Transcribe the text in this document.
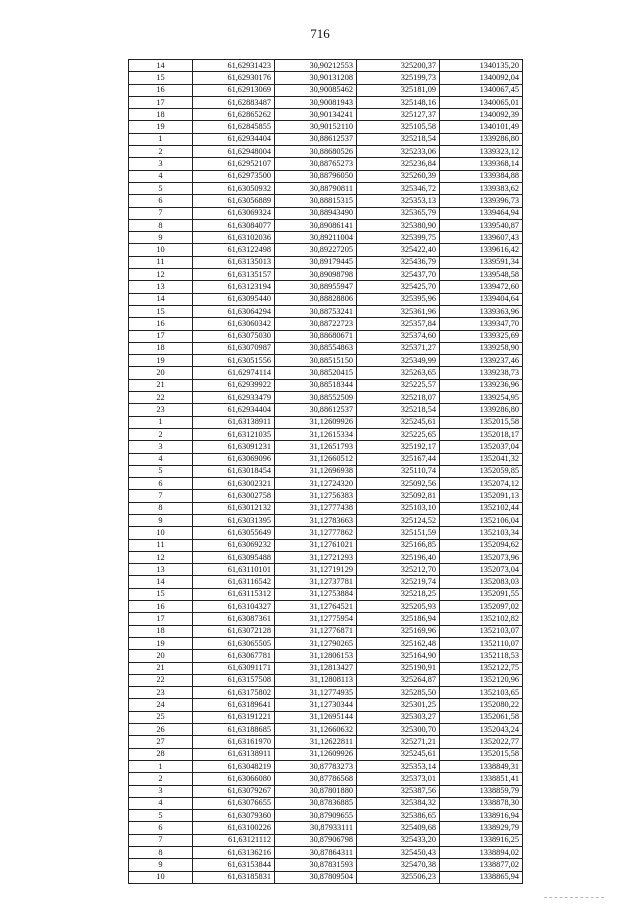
716
14	61,62931423	30,90212553	325200,37	1340135,20
15	61,62930176	30,90131208	325199,73	1340092,04
16	61,62913069	30,90085462	325181,09	1340067,45
17	61,62883487	30,90081943	325148,16	1340065,01
18	61,62865262	30,90134241	325127,37	1340092,39
19	61,62845855	30,90152110	325105,58	1340101,49
1	61,62934404	30,88612537	325218,54	1339286,80
2	61,62948004	30,88680526	325233,06	1339323,12
3	61,62952107	30,88765273	325236,84	1339368,14
4	61,62973500	30,88796050	325260,39	1339384,88
5	61,63050932	30,88790811	325346,72	1339383,62
6	61,63056889	30,88815315	325353,13	1339396,73
7	61,63069324	30,88943490	325365,79	1339464,94
8	61,63084077	30,89086141	325380,90	1339540,87
9	61,63102036	30,89211004	325399,75	1339607,43
10	61,63122498	30,89227205	325422,40	1339616,42
11	61,63135013	30,89179445	325436,79	1339591,34
12	61,63135157	30,89098798	325437,70	1339548,58
13	61,63123194	30,88955947	325425,70	1339472,60
14	61,63095440	30,88828806	325395,96	1339404,64
15	61,63064294	30,88753241	325361,96	1339363,96
16	61,63060342	30,88722723	325357,84	1339347,70
17	61,63075030	30,88680671	325374,60	1339325,69
18	61,63070987	30,88554863	325371,27	1339258,90
19	61,63051556	30,88515150	325349,99	1339237,46
20	61,62974114	30,88520415	325263,65	1339238,73
21	61,62939922	30,88518344	325225,57	1339236,96
22	61,62933479	30,88552509	325218,07	1339254,95
23	61,62934404	30,88612537	325218,54	1339286,80
1	61,63138911	31,12609926	325245,61	1352015,58
2	61,63121035	31,12615334	325225,65	1352018,17
3	61,63091231	31,12651793	325192,17	1352037,04
4	61,63069096	31,12660512	325167,44	1352041,32
5	61,63018454	31,12696938	325110,74	1352059,85
6	61,63002321	31,12724320	325092,56	1352074,12
7	61,63002758	31,12756383	325092,81	1352091,13
8	61,63012132	31,12777438	325103,10	1352102,44
9	61,63031395	31,12783663	325124,52	1352106,04
10	61,63055649	31,12777862	325151,59	1352103,34
11	61,63069232	31,12761021	325166,85	1352094,62
12	61,63095488	31,12721293	325196,40	1352073,96
13	61,63110101	31,12719129	325212,70	1352073,04
14	61,63116542	31,12737781	325219,74	1352083,03
15	61,63115312	31,12753884	325218,25	1352091,55
16	61,63104327	31,12764521	325205,93	1352097,02
17	61,63087361	31,12775954	325186,94	1352102,82
18	61,63072128	31,12776871	325169,96	1352103,07
19	61,63065505	31,12790265	325162,48	1352110,07
20	61,63067781	31,12806153	325164,90	1352118,53
21	61,63091171	31,12813427	325190,91	1352122,75
22	61,63157508	31,12808113	325264,87	1352120,96
23	61,63175802	31,12774935	325285,50	1352103,65
24	61,63189641	31,12730344	325301,25	1352080,22
25	61,63191221	31,12695144	325303,27	1352061,58
26	61,63188685	31,12660632	325300,70	1352043,24
27	61,63161970	31,12622811	325271,21	1352022,77
28	61,63138911	31,12609926	325245,61	1352015,58
1	61,63048219	30,87783273	325353,14	1338849,31
2	61,63066080	30,87786568	325373,01	1338851,41
3	61,63079267	30,87801880	325387,56	1338859,79
4	61,63076655	30,87836885	325384,32	1338878,30
5	61,63079360	30,87909655	325386,65	1338916,94
6	61,63100226	30,87933111	325409,68	1338929,79
7	61,63121112	30,87906798	325433,20	1338916,25
8	61,63136216	30,87864311	325450,43	1338894,02
9	61,63153844	30,87831593	325470,38	1338877,02
10	61,63185831	30,87809504	325506,23	1338865,94
